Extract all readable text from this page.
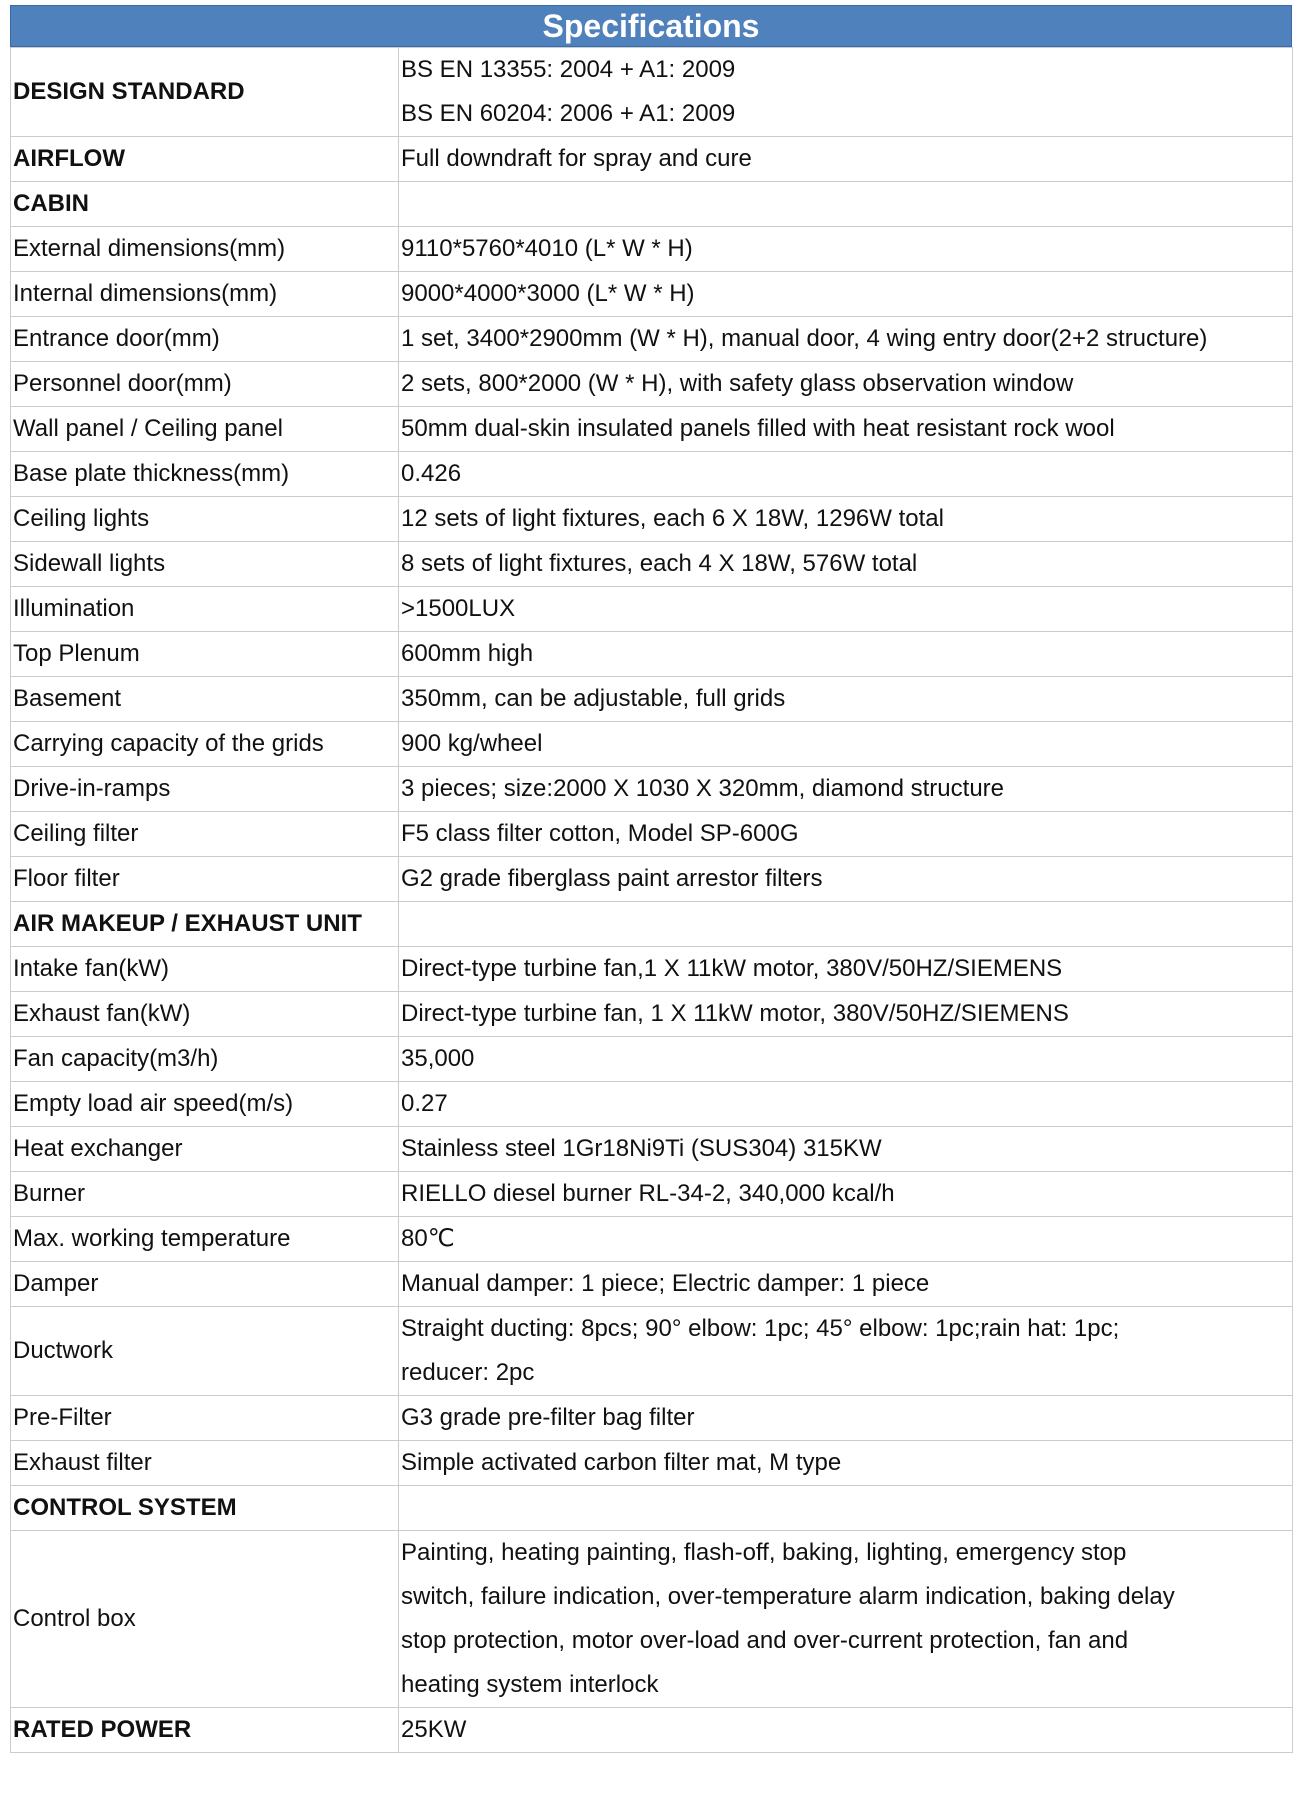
Specifications
DESIGN STANDARD	BS EN 13355: 2004 + A1: 2009
BS EN 60204: 2006 + A1: 2009

AIRFLOW	Full downdraft for spray and cure

CABIN	

External dimensions(mm)	9110*5760*4010 (L* W * H)

Internal dimensions(mm)	9000*4000*3000 (L* W * H)

Entrance door(mm)	1 set, 3400*2900mm (W * H), manual door, 4 wing entry door(2+2 structure)

Personnel door(mm)	2 sets, 800*2000 (W * H), with safety glass observation window

Wall panel / Ceiling panel	50mm dual-skin insulated panels filled with heat resistant rock wool

Base plate thickness(mm)	0.426

Ceiling lights	12 sets of light fixtures, each 6 X 18W, 1296W total

Sidewall lights	8 sets of light fixtures, each 4 X 18W, 576W total

Illumination	>1500LUX

Top Plenum	600mm high

Basement	350mm, can be adjustable, full grids

Carrying capacity of the grids	900 kg/wheel

Drive-in-ramps	3 pieces; size:2000 X 1030 X 320mm, diamond structure

Ceiling filter	F5 class filter cotton, Model SP-600G

Floor filter	G2 grade fiberglass paint arrestor filters

AIR MAKEUP / EXHAUST UNIT	

Intake fan(kW)	Direct-type turbine fan,1 X 11kW motor, 380V/50HZ/SIEMENS

Exhaust fan(kW)	Direct-type turbine fan, 1 X 11kW motor, 380V/50HZ/SIEMENS

Fan capacity(m3/h)	35,000

Empty load air speed(m/s)	0.27

Heat exchanger	Stainless steel 1Gr18Ni9Ti (SUS304) 315KW

Burner	RIELLO diesel burner RL-34-2, 340,000 kcal/h

Max. working temperature	80℃

Damper	Manual damper: 1 piece; Electric damper: 1 piece

Ductwork	Straight ducting: 8pcs; 90° elbow: 1pc; 45° elbow: 1pc;rain hat: 1pc;
reducer: 2pc

Pre-Filter	G3 grade pre-filter bag filter

Exhaust filter	Simple activated carbon filter mat, M type

CONTROL SYSTEM	

Control box	Painting, heating painting, flash-off, baking, lighting, emergency stop
switch, failure indication, over-temperature alarm indication, baking delay
stop protection, motor over-load and over-current protection, fan and
heating system interlock

RATED POWER	25KW
